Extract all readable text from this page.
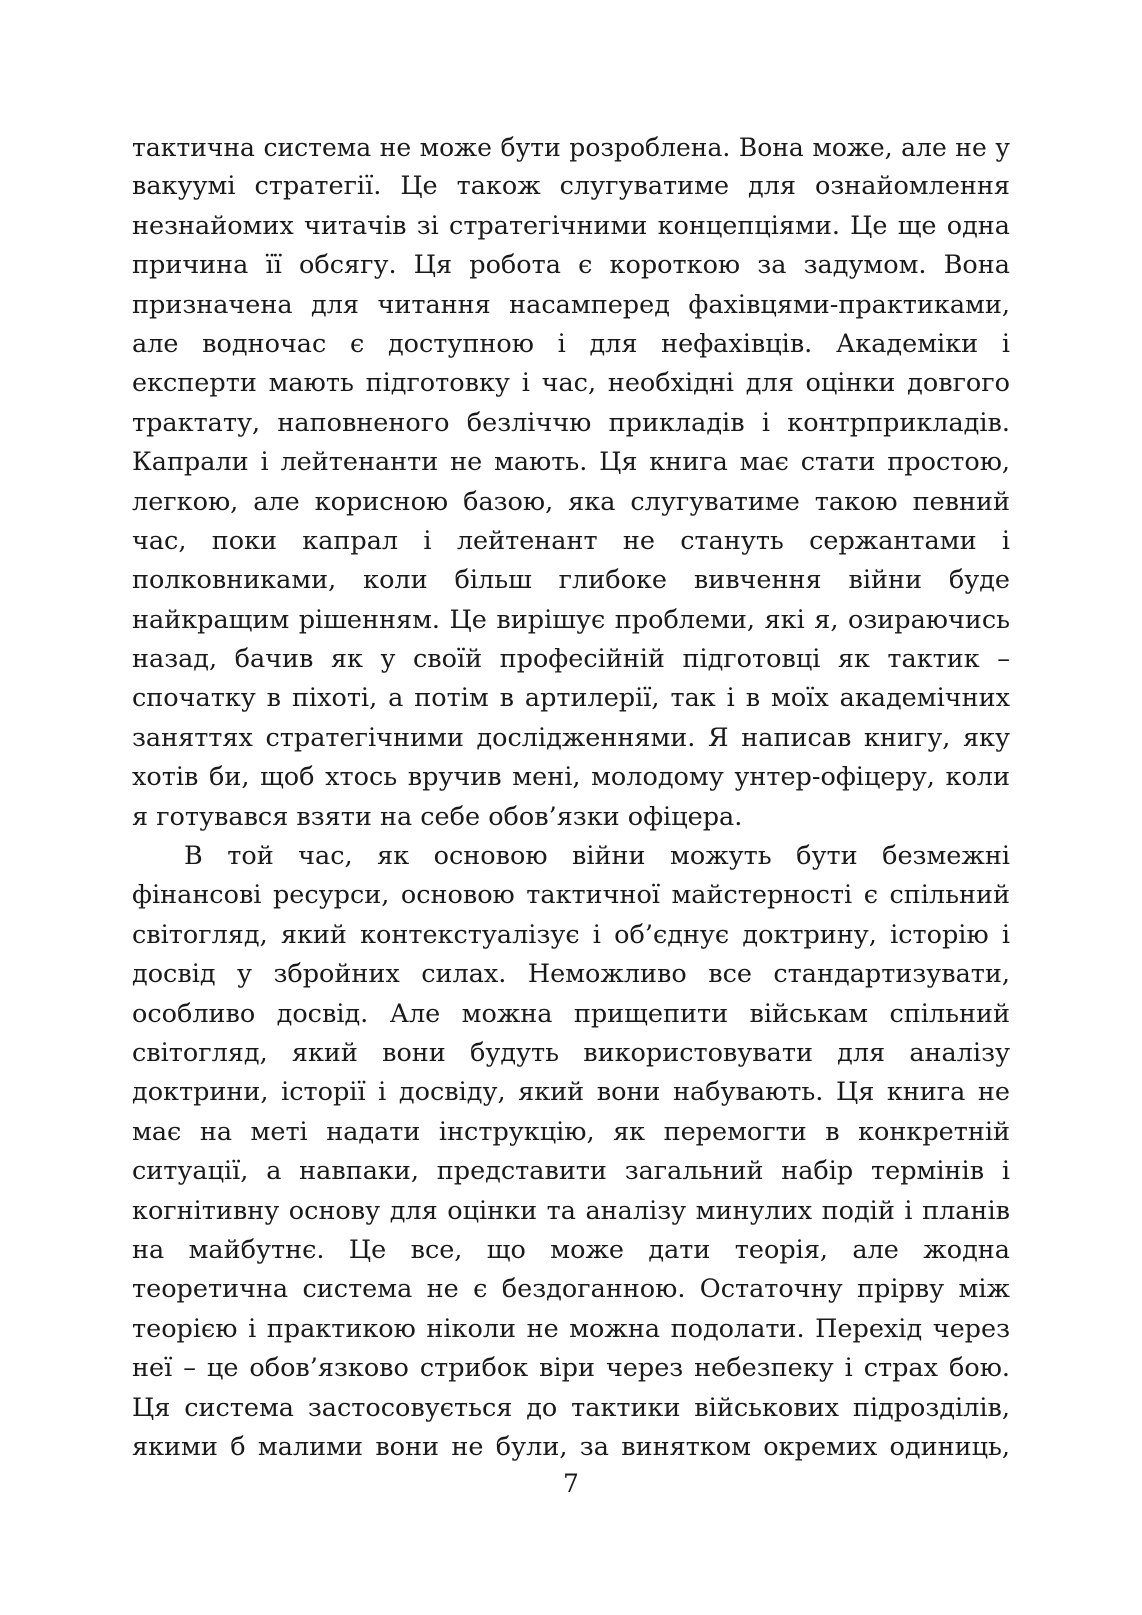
тактична система не може бути розроблена. Вона може, але не у
вакуумі стратегії. Це також слугуватиме для ознайомлення
незнайомих читачів зі стратегічними концепціями. Це ще одна
причина її обсягу. Ця робота є короткою за задумом. Вона
призначена для читання насамперед фахівцями-практиками,
але водночас є доступною і для нефахівців. Академіки і
експерти мають підготовку і час, необхідні для оцінки довгого
трактату, наповненого безліччю прикладів і контрприкладів.
Капрали і лейтенанти не мають. Ця книга має стати простою,
легкою, але корисною базою, яка слугуватиме такою певний
час, поки капрал і лейтенант не стануть сержантами і
полковниками, коли більш глибоке вивчення війни буде
найкращим рішенням. Це вирішує проблеми, які я, озираючись
назад, бачив як у своїй професійній підготовці як тактик –
спочатку в піхоті, а потім в артилерії, так і в моїх академічних
заняттях стратегічними дослідженнями. Я написав книгу, яку
хотів би, щоб хтось вручив мені, молодому унтер-офіцеру, коли
я готувався взяти на себе обов’язки офіцера.
В той час, як основою війни можуть бути безмежні
фінансові ресурси, основою тактичної майстерності є спільний
світогляд, який контекстуалізує і об’єднує доктрину, історію і
досвід у збройних силах. Неможливо все стандартизувати,
особливо досвід. Але можна прищепити військам спільний
світогляд, який вони будуть використовувати для аналізу
доктрини, історії і досвіду, який вони набувають. Ця книга не
має на меті надати інструкцію, як перемогти в конкретній
ситуації, а навпаки, представити загальний набір термінів і
когнітивну основу для оцінки та аналізу минулих подій і планів
на майбутнє. Це все, що може дати теорія, але жодна
теоретична система не є бездоганною. Остаточну прірву між
теорією і практикою ніколи не можна подолати. Перехід через
неї – це обов’язково стрибок віри через небезпеку і страх бою.
Ця система застосовується до тактики військових підрозділів,
якими б малими вони не були, за винятком окремих одиниць,
7
